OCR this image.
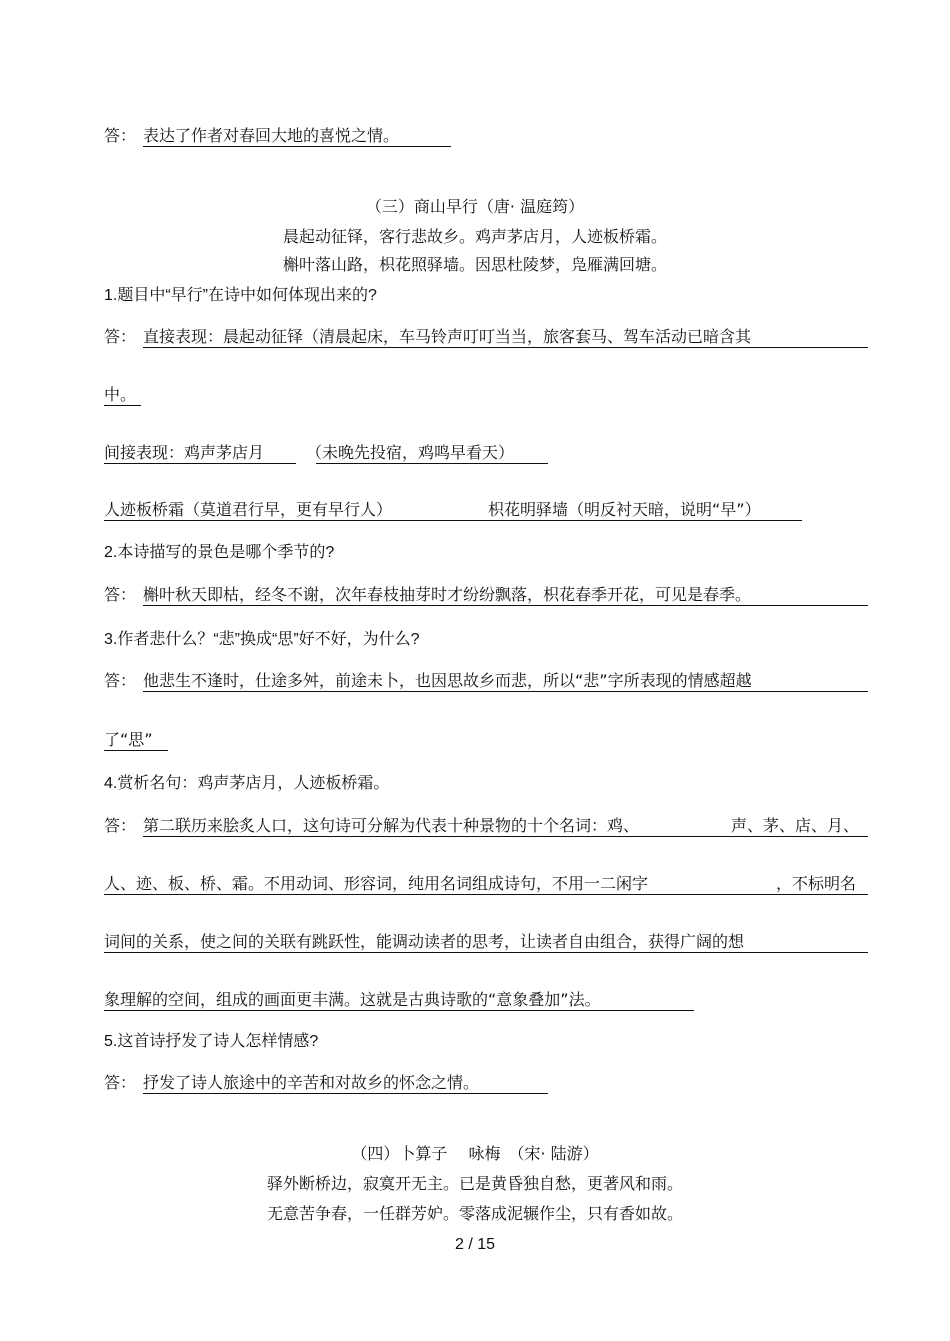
答： 表达了作者对春回大地的喜悦之情。
（三）商山早行（唐· 温庭筠）
晨起动征铎，客行悲故乡。鸡声茅店月，人迹板桥霜。
槲叶落山路，枳花照驿墙。因思杜陵梦，凫雁满回塘。
1.题目中“早行”在诗中如何体现出来的?
答： 直接表现：晨起动征铎（清晨起床，车马铃声叮叮当当，旅客套马、驾车活动已暗含其
中。
间接表现：鸡声茅店月	（未晚先投宿，鸡鸣早看天）
人迹板桥霜（莫道君行早，更有早行人）	枳花明驿墙（明反衬天暗，说明“早”）
2.本诗描写的景色是哪个季节的?
答： 槲叶秋天即枯，经冬不谢，次年春枝抽芽时才纷纷飘落，枳花春季开花，可见是春季。
3.作者悲什么？“悲”换成“思”好不好，为什么?
答： 他悲生不逢时，仕途多舛，前途未卜，也因思故乡而悲，所以“悲”字所表现的情感超越
了“思”
4.赏析名句：鸡声茅店月，人迹板桥霜。
答： 第二联历来脍炙人口，这句诗可分解为代表十种景物的十个名词：鸡、	声、茅、店、月、
人、迹、板、桥、霜。不用动词、形容词，纯用名词组成诗句，不用一二闲字	，不标明名
词间的关系，使之间的关联有跳跃性，能调动读者的思考，让读者自由组合，获得广阔的想
象理解的空间，组成的画面更丰满。这就是古典诗歌的“意象叠加”法。
5.这首诗抒发了诗人怎样情感?
答： 抒发了诗人旅途中的辛苦和对故乡的怀念之情。
（四）卜算子　 咏梅　（宋· 陆游）
驿外断桥边，寂寞开无主。已是黄昏独自愁，更著风和雨。
无意苦争春，一任群芳妒。零落成泥辗作尘，只有香如故。
2 / 15
